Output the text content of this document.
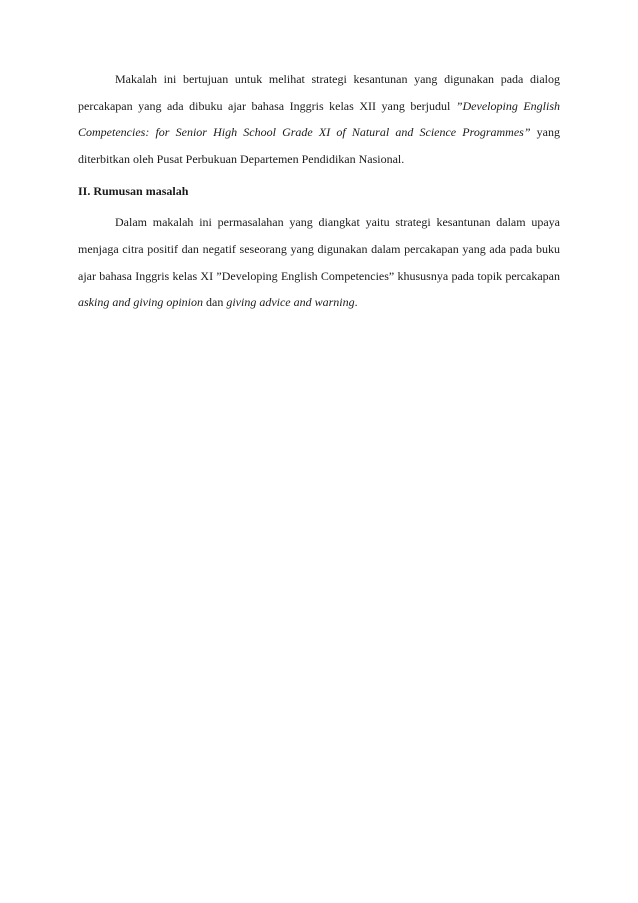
Makalah ini bertujuan untuk melihat strategi kesantunan yang digunakan pada dialog percakapan yang ada dibuku ajar bahasa Inggris kelas XII yang berjudul ”Developing English Competencies: for Senior High School Grade XI of Natural and Science Programmes” yang diterbitkan oleh Pusat Perbukuan Departemen Pendidikan Nasional.

II. Rumusan masalah

Dalam makalah ini permasalahan yang diangkat yaitu strategi kesantunan dalam upaya menjaga citra positif dan negatif seseorang yang digunakan dalam percakapan yang ada pada buku ajar bahasa Inggris kelas XI ”Developing English Competencies” khususnya pada topik percakapan asking and giving opinion dan giving advice and warning.
